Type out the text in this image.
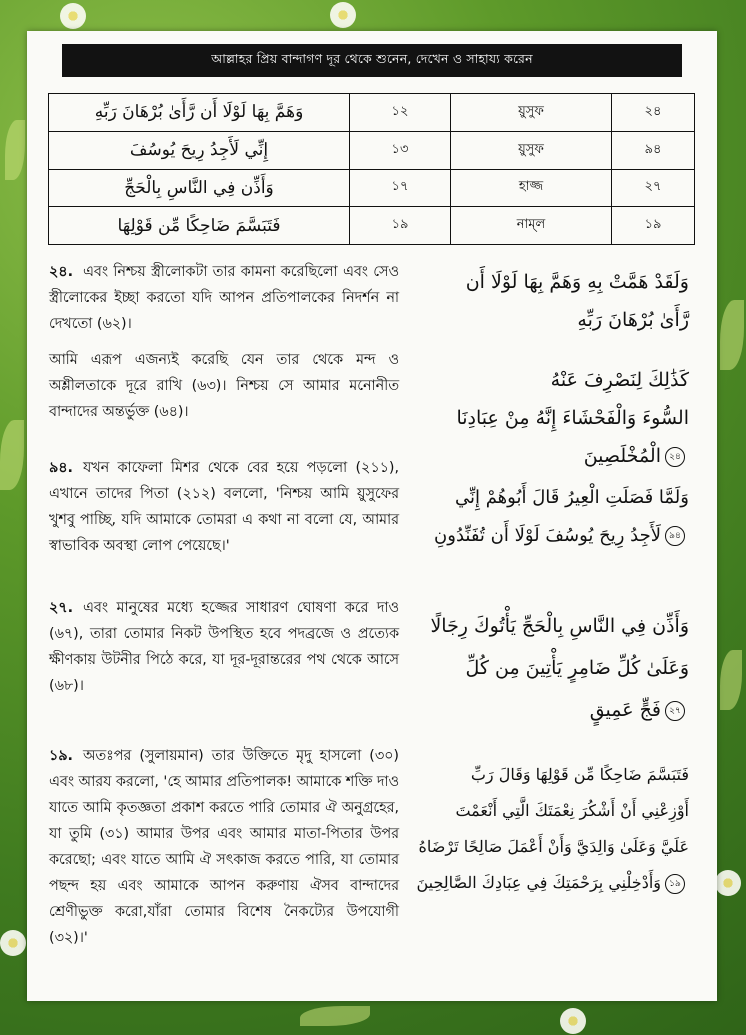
আল্লাহর প্রিয় বান্দাগণ দূর থেকে শুনেন, দেখেন ও সাহায্য করেন
وَهَمَّ بِهَا لَوْلَا أَن رَّأَىٰ بُرْهَانَ رَبِّهِ	১২	য়ুসুফ	২৪
إِنِّي لَأَجِدُ رِيحَ يُوسُفَ	১৩	য়ুসুফ	৯৪
وَأَذِّن فِي النَّاسِ بِالْحَجِّ	১৭	হাজ্জ	২৭
فَتَبَسَّمَ ضَاحِكًا مِّن قَوْلِهَا	১৯	নাম্‌ল	১৯

২৪. এবং নিশ্চয় স্ত্রীলোকটা তার কামনা করেছিলো এবং সেও স্ত্রীলোকের ইচ্ছা করতো যদি আপন প্রতিপালকের নিদর্শন না দেখতো (৬২)।

আমি এরূপ এজন্যই করেছি যেন তার থেকে মন্দ ও অশ্লীলতাকে দূরে রাখি (৬৩)। নিশ্চয় সে আমার মনোনীত বান্দাদের অন্তর্ভুক্ত (৬৪)।

وَلَقَدْ هَمَّتْ بِهِ وَهَمَّ بِهَا لَوْلَا أَن
رَّأَىٰ بُرْهَانَ رَبِّهِ
كَذَٰلِكَ لِنَصْرِفَ عَنْهُ
السُّوءَ وَالْفَحْشَاءَ إِنَّهُ مِنْ عِبَادِنَا
২৪الْمُخْلَصِينَ

৯৪. যখন কাফেলা মিশর থেকে বের হয়ে পড়লো (২১১), এখানে তাদের পিতা (২১২) বললো, 'নিশ্চয় আমি য়ুসুফের খুশবু পাচ্ছি, যদি আমাকে তোমরা এ কথা না বলো যে, আমার স্বাভাবিক অবস্থা লোপ পেয়েছে।'

وَلَمَّا فَصَلَتِ الْعِيرُ قَالَ أَبُوهُمْ إِنِّي
৯৪لَأَجِدُ رِيحَ يُوسُفَ لَوْلَا أَن تُفَنِّدُونِ

২৭. এবং মানুষের মধ্যে হজ্জের সাধারণ ঘোষণা করে দাও (৬৭), তারা তোমার নিকট উপস্থিত হবে পদব্রজে ও প্রত্যেক ক্ষীণকায় উটনীর পিঠে করে, যা দূর-দূরান্তরের পথ থেকে আসে (৬৮)।

وَأَذِّن فِي النَّاسِ بِالْحَجِّ يَأْتُوكَ رِجَالًا
وَعَلَىٰ كُلِّ ضَامِرٍ يَأْتِينَ مِن كُلِّ
২৭فَجٍّ عَمِيقٍ

১৯. অতঃপর (সুলায়মান) তার উক্তিতে মৃদু হাসলো (৩০) এবং আরয করলো, 'হে আমার প্রতিপালক! আমাকে শক্তি দাও যাতে আমি কৃতজ্ঞতা প্রকাশ করতে পারি তোমার ঐ অনুগ্রহের, যা তুমি (৩১) আমার উপর এবং আমার মাতা-পিতার উপর করেছো; এবং যাতে আমি ঐ সৎকাজ করতে পারি, যা তোমার পছন্দ হয় এবং আমাকে আপন করুণায় ঐসব বান্দাদের শ্রেণীভুক্ত করো,যাঁরা তোমার বিশেষ নৈকট্যের উপযোগী (৩২)।'

فَتَبَسَّمَ ضَاحِكًا مِّن قَوْلِهَا وَقَالَ رَبِّ
أَوْزِعْنِي أَنْ أَشْكُرَ نِعْمَتَكَ الَّتِي أَنْعَمْتَ
عَلَيَّ وَعَلَىٰ وَالِدَيَّ وَأَنْ أَعْمَلَ صَالِحًا تَرْضَاهُ
১৯وَأَدْخِلْنِي بِرَحْمَتِكَ فِي عِبَادِكَ الصَّالِحِينَ
